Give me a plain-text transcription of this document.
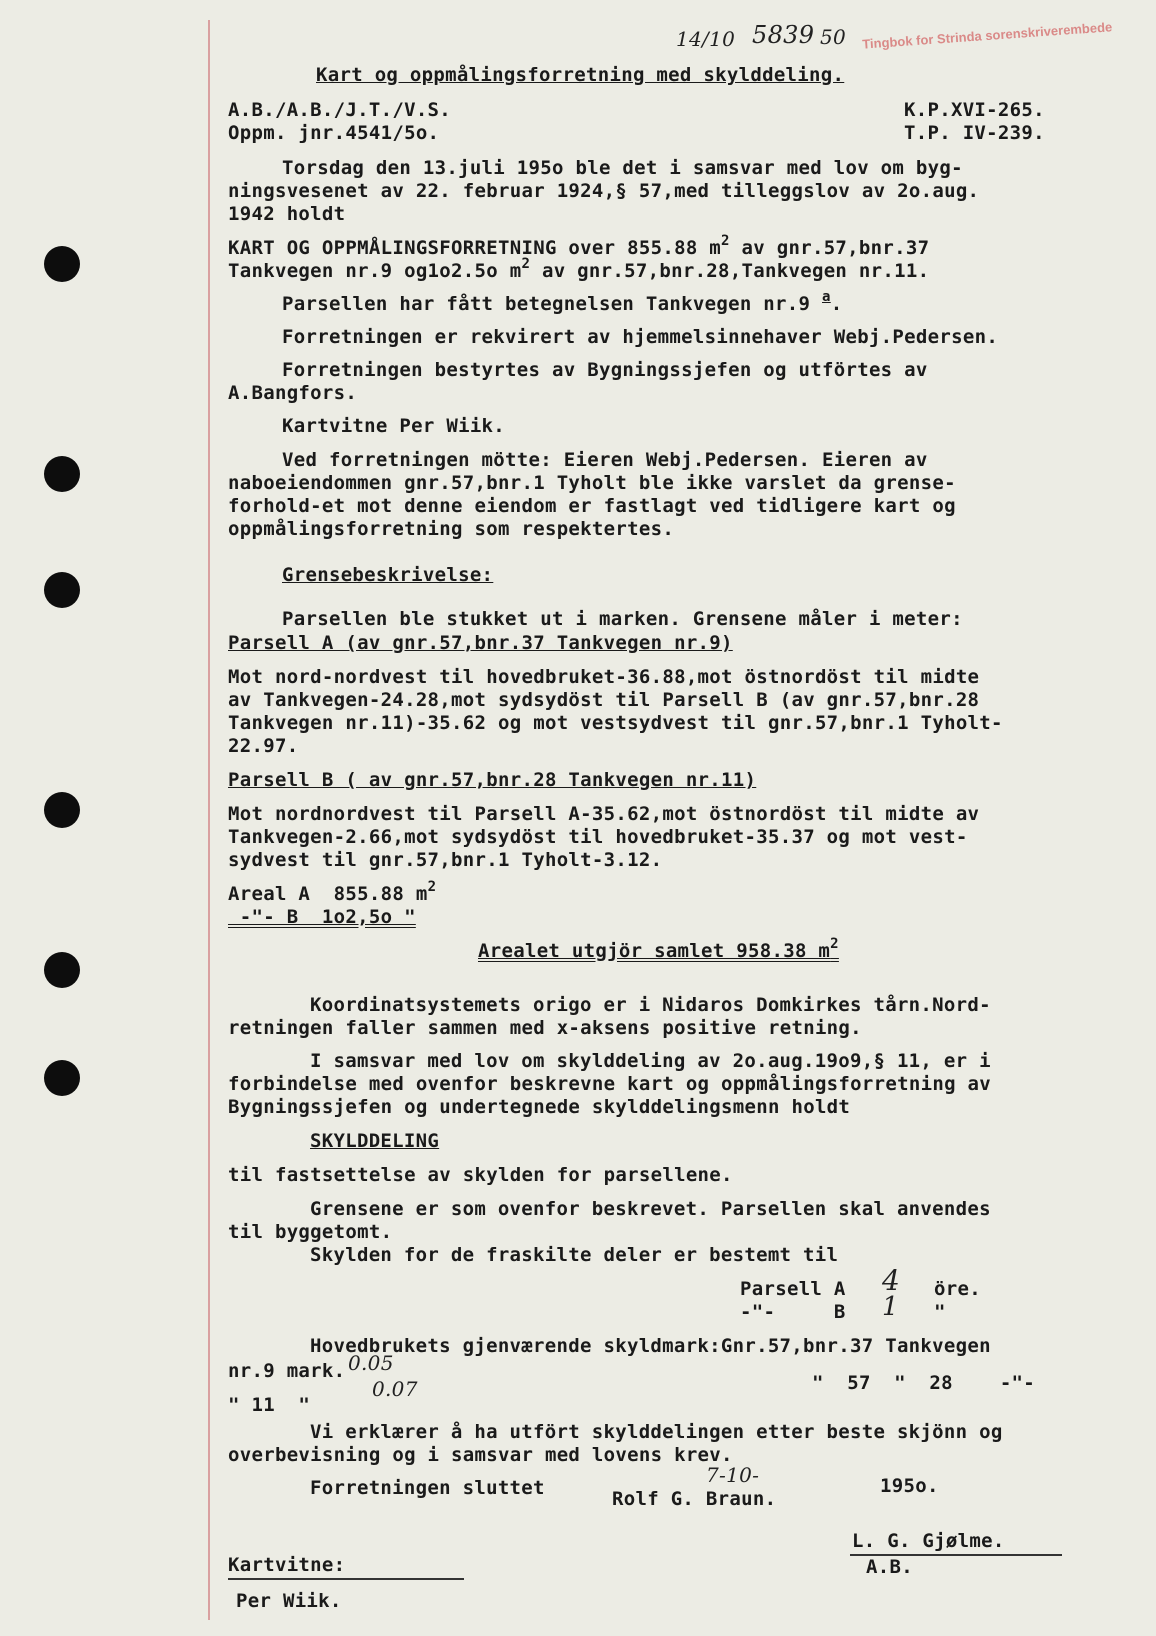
14/10 5839 50 Tingbok for Strinda sorenskriverembede
Kart og oppmålingsforretning med skylddeling.
A.B./A.B./J.T./V.S.
Oppm. jnr.4541/5o.
K.P.XVI-265.
T.P. IV-239.
Torsdag den 13.juli 195o ble det i samsvar med lov om byg-
ningsvesenet av 22. februar 1924,§ 57,med tilleggslov av 2o.aug.
1942 holdt
KART OG OPPMÅLINGSFORRETNING over 855.88 $m^2$ av gnr.57,bnr.37
Tankvegen nr.9 og1o2.5o $m^2$ av gnr.57,bnr.28,Tankvegen nr.11.
Parsellen har fått betegnelsen Tankvegen nr.9 $^a$.
Forretningen er rekvirert av hjemmelsinnehaver Webj.Pedersen.
Forretningen bestyrtes av Bygningssjefen og utförtes av
A.Bangfors.
Kartvitne Per Wiik.
Ved forretningen mötte: Eieren Webj.Pedersen. Eieren av
naboeiendommen gnr.57,bnr.1 Tyholt ble ikke varslet da grense-
forhold-et mot denne eiendom er fastlagt ved tidligere kart og
oppmålingsforretning som respektertes.
Grensebeskrivelse:
Parsellen ble stukket ut i marken. Grensene måler i meter:
Parsell A (av gnr.57,bnr.37 Tankvegen nr.9)
Mot nord-nordvest til hovedbruket-36.88,mot östnordöst til midte
av Tankvegen-24.28,mot sydsydöst til Parsell B (av gnr.57,bnr.28
Tankvegen nr.11)-35.62 og mot vestsydvest til gnr.57,bnr.1 Tyholt-
22.97.
Parsell B ( av gnr.57,bnr.28 Tankvegen nr.11)
Mot nordnordvest til Parsell A-35.62,mot östnordöst til midte av
Tankvegen-2.66,mot sydsydöst til hovedbruket-35.37 og mot vest-
sydvest til gnr.57,bnr.1 Tyholt-3.12.
Areal A  855.88 $m^2$
-"- B  1o2,5o "
Arealet utgjör samlet 958.38 $m^2$
Koordinatsystemets origo er i Nidaros Domkirkes tårn.Nord-
retningen faller sammen med x-aksens positive retning.
I samsvar med lov om skylddeling av 2o.aug.19o9,§ 11, er i
forbindelse med ovenfor beskrevne kart og oppmålingsforretning av
Bygningssjefen og undertegnede skylddelingsmenn holdt
SKYLDDELING
til fastsettelse av skylden for parsellene.
Grensene er som ovenfor beskrevet. Parsellen skal anvendes
til byggetomt.
Skylden for de fraskilte deler er bestemt til
Parsell A 4 öre.
-"-     B 1 "
Hovedbrukets gjenværende skyldmark:Gnr.57,bnr.37 Tankvegen
nr.9 mark. 0.05
"  57  "  28    -"-
" 11  "
0.07
Vi erklærer å ha utfört skylddelingen etter beste skjönn og
overbevisning og i samsvar med lovens krev.
Forretningen sluttet
7-10-	195o.
Rolf G. Braun.
L. G. Gjølme.
A.B.
Kartvitne:
Per Wiik.
